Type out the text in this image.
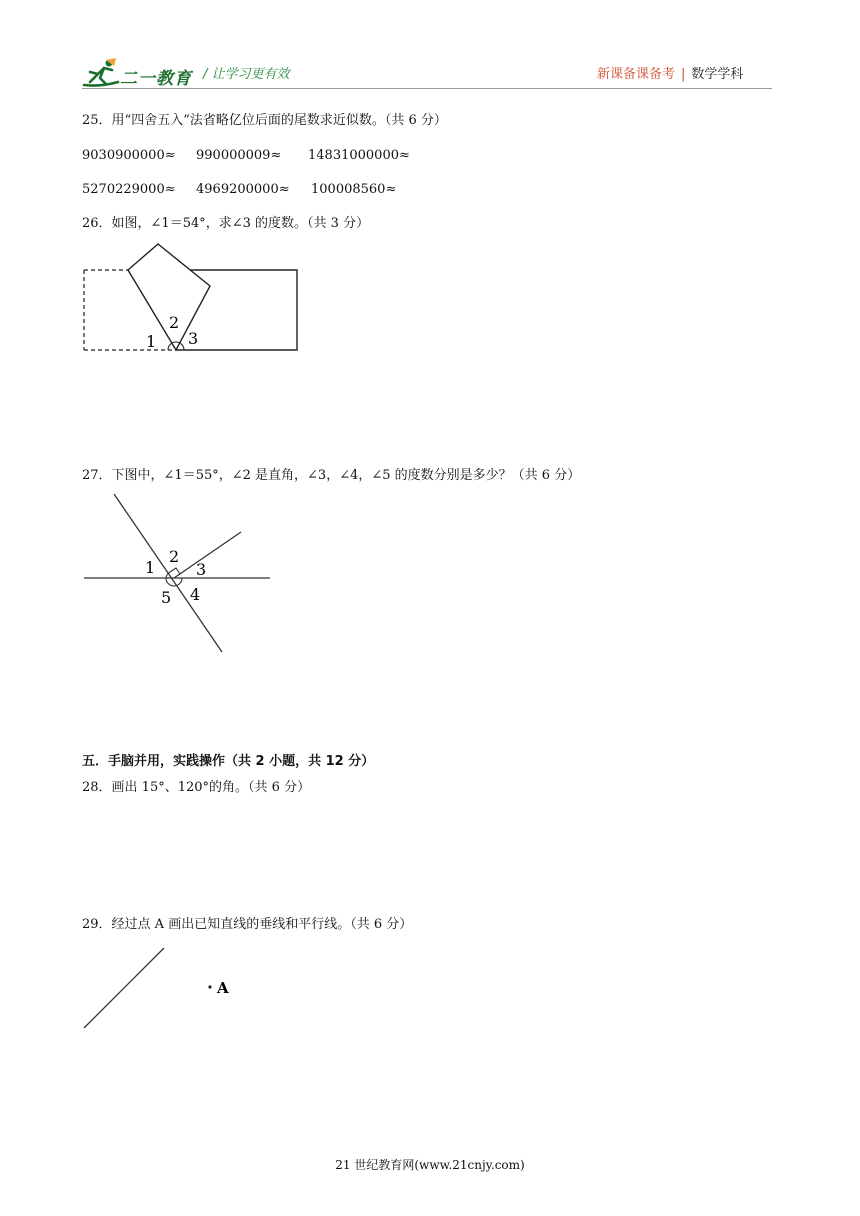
二一教育 / 让学习更有效	新课备课备考 | 数学学科
25．用“四舍五入”法省略亿位后面的尾数求近似数。（共 6 分）
9030900000≈ 990000009≈ 14831000000≈
5270229000≈ 4969200000≈ 100008560≈
26．如图，∠1＝54°，求∠3 的度数。（共 3 分）
1
2
3
27．下图中，∠1＝55°，∠2 是直角，∠3，∠4，∠5 的度数分别是多少？（共 6 分）
1
2
3
4
5
五．手脑并用，实践操作（共 2 小题，共 12 分）
28．画出 15°、120°的角。（共 6 分）
29．经过点 A 画出已知直线的垂线和平行线。（共 6 分）
A
21 世纪教育网(www.21cnjy.com)
